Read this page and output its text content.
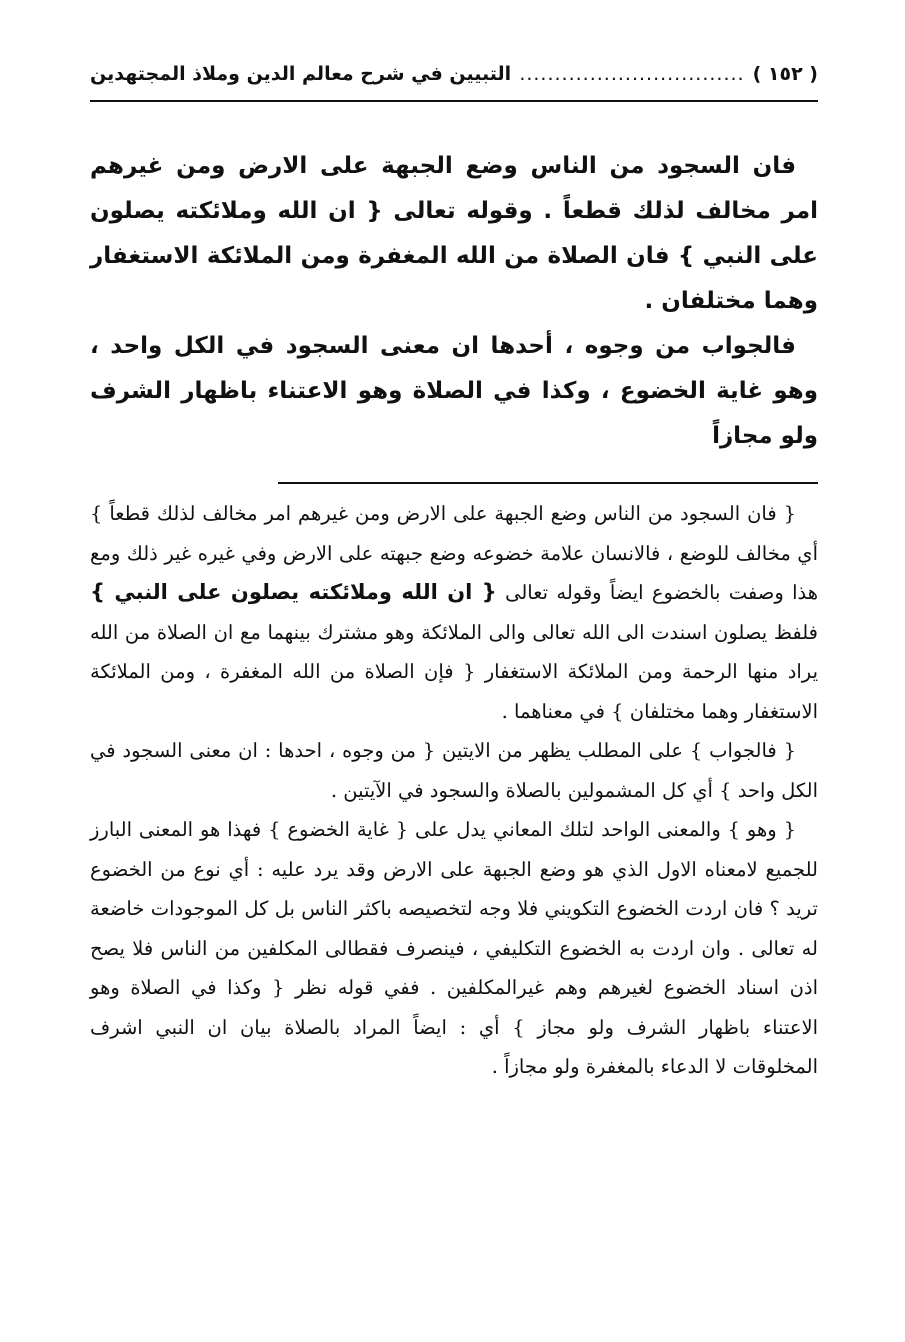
( ١٥٢ )
................................
التبيين في شرح معالم الدين وملاذ المجتهدين

فان السجود من الناس وضع الجبهة على الارض ومن غيرهم امر مخالف لذلك قطعاً . وقوله تعالى { ان الله وملائكته يصلون على النبي } فان الصلاة من الله المغفرة ومن الملائكة الاستغفار وهما مختلفان .

فالجواب من وجوه ، أحدها ان معنى السجود في الكل واحد ، وهو غاية الخضوع ، وكذا في الصلاة وهو الاعتناء باظهار الشرف ولو مجازاً

{ فان السجود من الناس وضع الجبهة على الارض ومن غيرهم امر مخالف لذلك قطعاً } أي مخالف للوضع ، فالانسان علامة خضوعه وضع جبهته على الارض وفي غيره غير ذلك ومع هذا وصفت بالخضوع ايضاً وقوله تعالى { ان الله وملائكته يصلون على النبي } فلفظ يصلون اسندت الى الله تعالى والى الملائكة وهو مشترك بينهما مع ان الصلاة من الله يراد منها الرحمة ومن الملائكة الاستغفار { فإن الصلاة من الله المغفرة ، ومن الملائكة الاستغفار وهما مختلفان } في معناهما .

{ فالجواب } على المطلب يظهر من الايتين { من وجوه ، احدها : ان معنى السجود في الكل واحد } أي كل المشمولين بالصلاة والسجود في الآيتين .

{ وهو } والمعنى الواحد لتلك المعاني يدل على { غاية الخضوع } فهذا هو المعنى البارز للجميع لامعناه الاول الذي هو وضع الجبهة على الارض وقد يرد عليه : أي نوع من الخضوع تريد ؟ فان اردت الخضوع التكويني فلا وجه لتخصيصه باكثر الناس بل كل الموجودات خاضعة له تعالى . وان اردت به الخضوع التكليفي ، فينصرف فقطالى المكلفين من الناس فلا يصح اذن اسناد الخضوع لغيرهم وهم غيرالمكلفين . ففي قوله نظر { وكذا في الصلاة وهو الاعتناء باظهار الشرف ولو مجاز } أي : ايضاً المراد بالصلاة بيان ان النبي اشرف المخلوقات لا الدعاء بالمغفرة ولو مجازاً .
